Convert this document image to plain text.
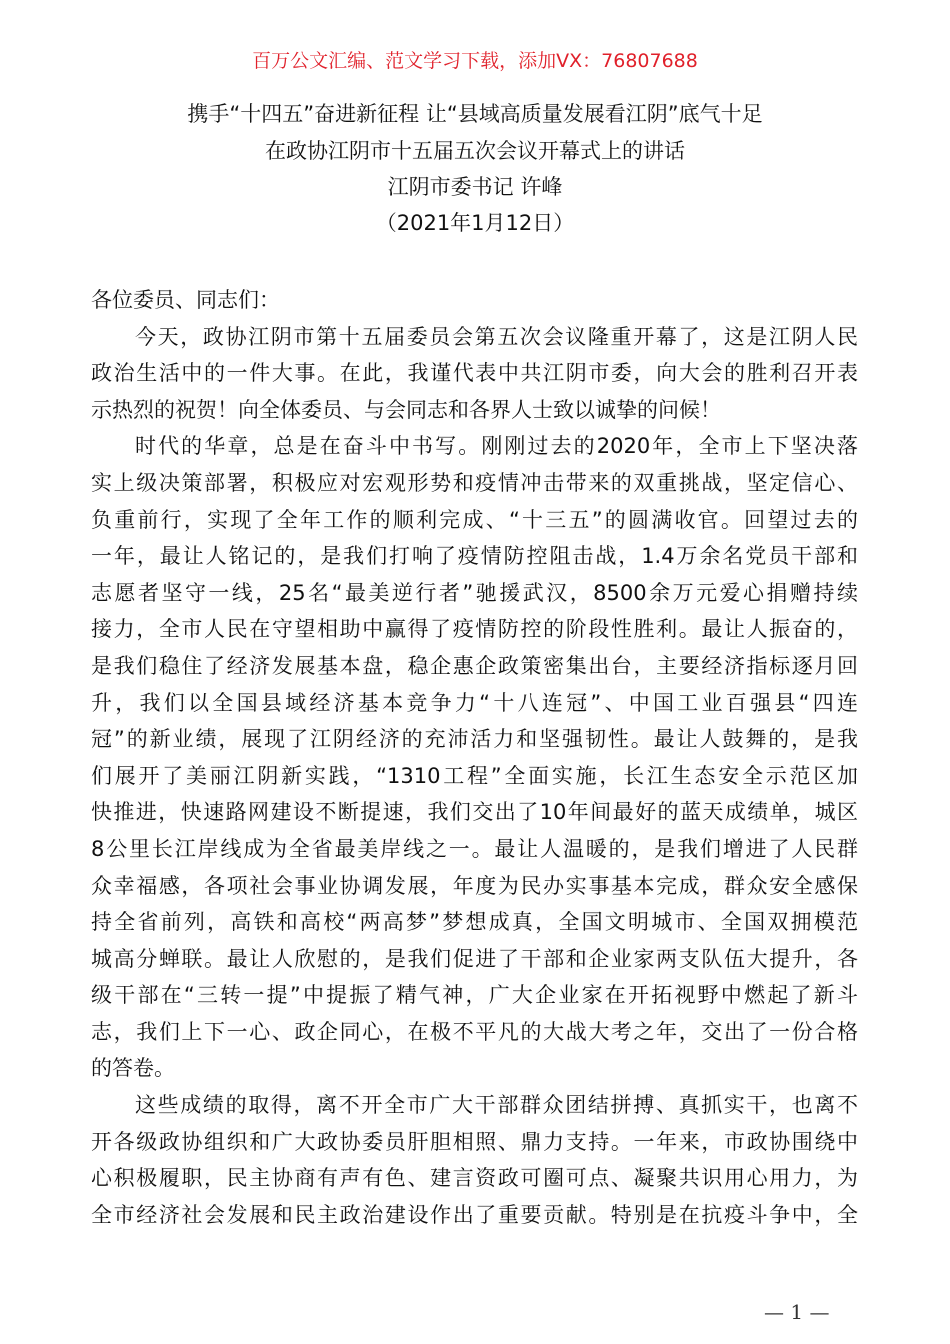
百万公文汇编、范文学习下载，添加VX：76807688
携手“十四五”奋进新征程 让“县域高质量发展看江阴”底气十足
在政协江阴市十五届五次会议开幕式上的讲话
江阴市委书记 许峰
（2021年1月12日）
各位委员、同志们：
今天，政协江阴市第十五届委员会第五次会议隆重开幕了，这是江阴人民
政治生活中的一件大事。在此，我谨代表中共江阴市委，向大会的胜利召开表
示热烈的祝贺！向全体委员、与会同志和各界人士致以诚挚的问候！
时代的华章，总是在奋斗中书写。刚刚过去的2020年，全市上下坚决落
实上级决策部署，积极应对宏观形势和疫情冲击带来的双重挑战，坚定信心、
负重前行，实现了全年工作的顺利完成、“十三五”的圆满收官。回望过去的
一年，最让人铭记的，是我们打响了疫情防控阻击战，1.4万余名党员干部和
志愿者坚守一线，25名“最美逆行者”驰援武汉，8500余万元爱心捐赠持续
接力，全市人民在守望相助中赢得了疫情防控的阶段性胜利。最让人振奋的，
是我们稳住了经济发展基本盘，稳企惠企政策密集出台，主要经济指标逐月回
升，我们以全国县域经济基本竞争力“十八连冠”、中国工业百强县“四连
冠”的新业绩，展现了江阴经济的充沛活力和坚强韧性。最让人鼓舞的，是我
们展开了美丽江阴新实践，“1310工程”全面实施，长江生态安全示范区加
快推进，快速路网建设不断提速，我们交出了10年间最好的蓝天成绩单，城区
8公里长江岸线成为全省最美岸线之一。最让人温暖的，是我们增进了人民群
众幸福感，各项社会事业协调发展，年度为民办实事基本完成，群众安全感保
持全省前列，高铁和高校“两高梦”梦想成真，全国文明城市、全国双拥模范
城高分蝉联。最让人欣慰的，是我们促进了干部和企业家两支队伍大提升，各
级干部在“三转一提”中提振了精气神，广大企业家在开拓视野中燃起了新斗
志，我们上下一心、政企同心，在极不平凡的大战大考之年，交出了一份合格
的答卷。
这些成绩的取得，离不开全市广大干部群众团结拼搏、真抓实干，也离不
开各级政协组织和广大政协委员肝胆相照、鼎力支持。一年来，市政协围绕中
心积极履职，民主协商有声有色、建言资政可圈可点、凝聚共识用心用力，为
全市经济社会发展和民主政治建设作出了重要贡献。特别是在抗疫斗争中，全
— 1 —
